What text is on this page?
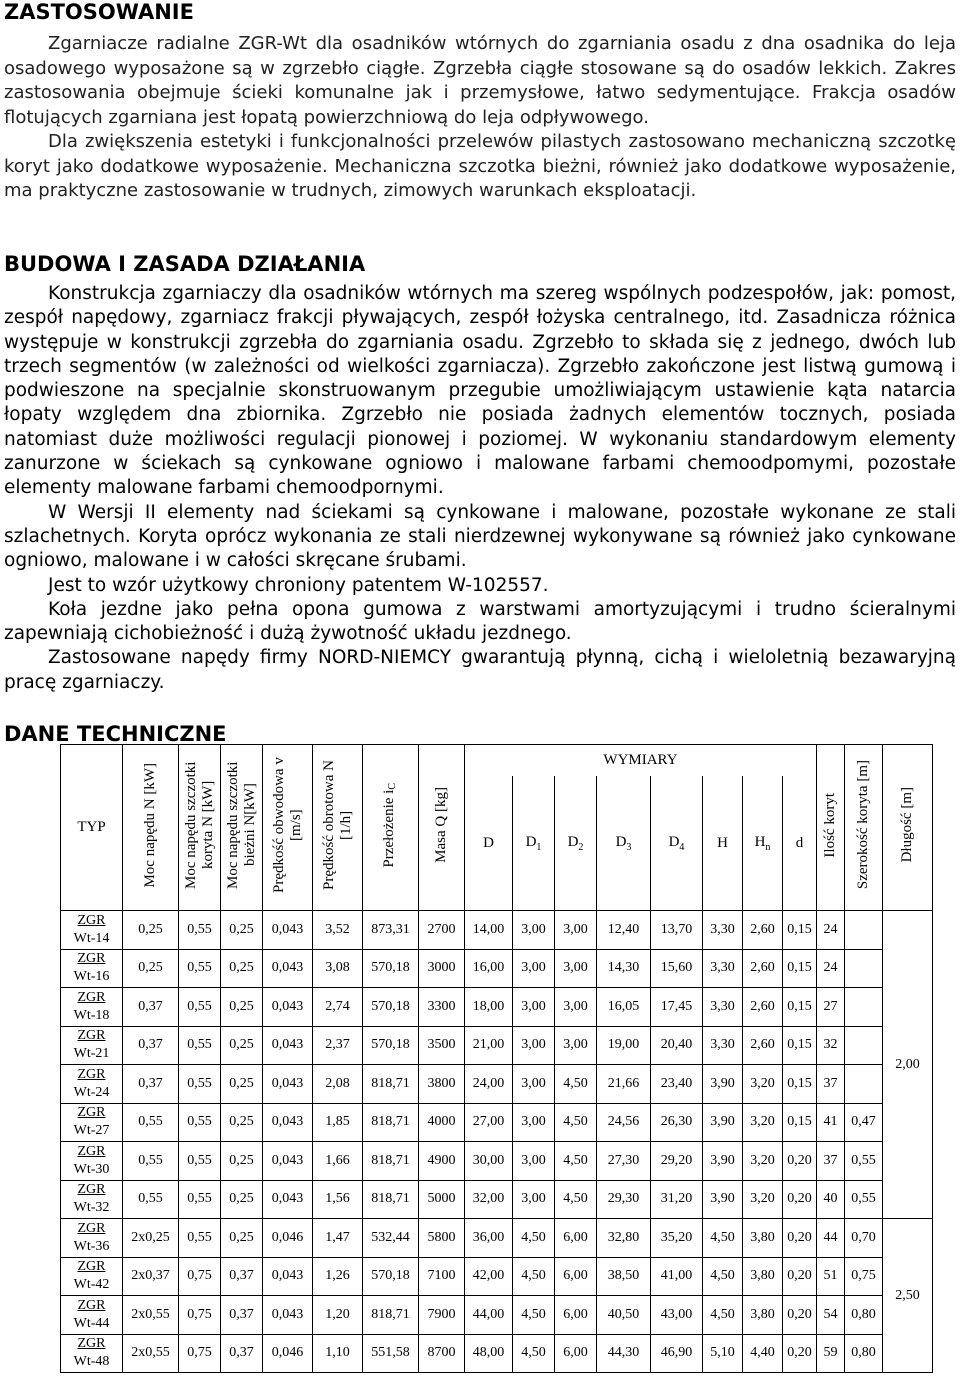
ZASTOSOWANIE

Zgarniacze radialne ZGR-Wt dla osadników wtórnych do zgarniania osadu z dna osadnika do leja osadowego wyposażone są w zgrzebło ciągłe. Zgrzebła ciągłe stosowane są do osadów lekkich. Zakres zastosowania obejmuje ścieki komunalne jak i przemysłowe, łatwo sedymentujące. Frakcja osadów flotujących zgarniana jest łopatą powierzchniową do leja odpływowego.

Dla zwiększenia estetyki i funkcjonalności przelewów pilastych zastosowano mechaniczną szczotkę koryt jako dodatkowe wyposażenie. Mechaniczna szczotka bieżni, również jako dodatkowe wyposażenie, ma praktyczne zastosowanie w trudnych, zimowych warunkach eksploatacji.

BUDOWA I ZASADA DZIAŁANIA

Konstrukcja zgarniaczy dla osadników wtórnych ma szereg wspólnych podzespołów, jak: pomost, zespół napędowy, zgarniacz frakcji pływających, zespół łożyska centralnego, itd. Zasadnicza różnica występuje w konstrukcji zgrzebła do zgarniania osadu. Zgrzebło to składa się z jednego, dwóch lub trzech segmentów (w zależności od wielkości zgarniacza). Zgrzebło zakończone jest listwą gumową i podwieszone na specjalnie skonstruowanym przegubie umożliwiającym ustawienie kąta natarcia łopaty względem dna zbiornika. Zgrzebło nie posiada żadnych elementów tocznych, posiada natomiast duże możliwości regulacji pionowej i poziomej. W wykonaniu standardowym elementy zanurzone w ściekach są cynkowane ogniowo i malowane farbami chemoodpomymi, pozostałe elementy malowane farbami chemoodpornymi.

W Wersji II elementy nad ściekami są cynkowane i malowane, pozostałe wykonane ze stali szlachetnych. Koryta oprócz wykonania ze stali nierdzewnej wykonywane są również jako cynkowane ogniowo, malowane i w całości skręcane śrubami.

Jest to wzór użytkowy chroniony patentem W-102557.

Koła jezdne jako pełna opona gumowa z warstwami amortyzującymi i trudno ścieralnymi zapewniają cichobieżność i dużą żywotność układu jezdnego.

Zastosowane napędy firmy NORD-NIEMCY gwarantują płynną, cichą i wieloletnią bezawaryjną pracę zgarniaczy.

DANE TECHNICZNE
TYP	Moc napędu N [kW]	Moc napędu szczotki koryta N [kW]	Moc napędu szczotki bieżni N[kW]	Prędkość obwodowa v [m/s]	Prędkość obrotowa N [1/h]	Przełożenie $i_C$	Masa Q [kg]	WYMIARY								Ilość koryt	Szerokość koryta [m]	Długość [m]
								D	$D_1$	$D_2$	$D_3$	$D_4$	H	$H_n$	d			
ZGR
Wt-14	0,25	0,55	0,25	0,043	3,52	873,31	2700	14,00	3,00	3,00	12,40	13,70	3,30	2,60	0,15	24		2,00
ZGR
Wt-16	0,25	0,55	0,25	0,043	3,08	570,18	3000	16,00	3,00	3,00	14,30	15,60	3,30	2,60	0,15	24		
ZGR
Wt-18	0,37	0,55	0,25	0,043	2,74	570,18	3300	18,00	3,00	3,00	16,05	17,45	3,30	2,60	0,15	27		
ZGR
Wt-21	0,37	0,55	0,25	0,043	2,37	570,18	3500	21,00	3,00	3,00	19,00	20,40	3,30	2,60	0,15	32		
ZGR
Wt-24	0,37	0,55	0,25	0,043	2,08	818,71	3800	24,00	3,00	4,50	21,66	23,40	3,90	3,20	0,15	37		
ZGR
Wt-27	0,55	0,55	0,25	0,043	1,85	818,71	4000	27,00	3,00	4,50	24,56	26,30	3,90	3,20	0,15	41	0,47	
ZGR
Wt-30	0,55	0,55	0,25	0,043	1,66	818,71	4900	30,00	3,00	4,50	27,30	29,20	3,90	3,20	0,20	37	0,55	
ZGR
Wt-32	0,55	0,55	0,25	0,043	1,56	818,71	5000	32,00	3,00	4,50	29,30	31,20	3,90	3,20	0,20	40	0,55	
ZGR
Wt-36	2x0,25	0,55	0,25	0,046	1,47	532,44	5800	36,00	4,50	6,00	32,80	35,20	4,50	3,80	0,20	44	0,70	2,50
ZGR
Wt-42	2x0,37	0,75	0,37	0,043	1,26	570,18	7100	42,00	4,50	6,00	38,50	41,00	4,50	3,80	0,20	51	0,75	
ZGR
Wt-44	2x0,55	0,75	0,37	0,043	1,20	818,71	7900	44,00	4,50	6,00	40,50	43,00	4,50	3,80	0,20	54	0,80	
ZGR
Wt-48	2x0,55	0,75	0,37	0,046	1,10	551,58	8700	48,00	4,50	6,00	44,30	46,90	5,10	4,40	0,20	59	0,80	
